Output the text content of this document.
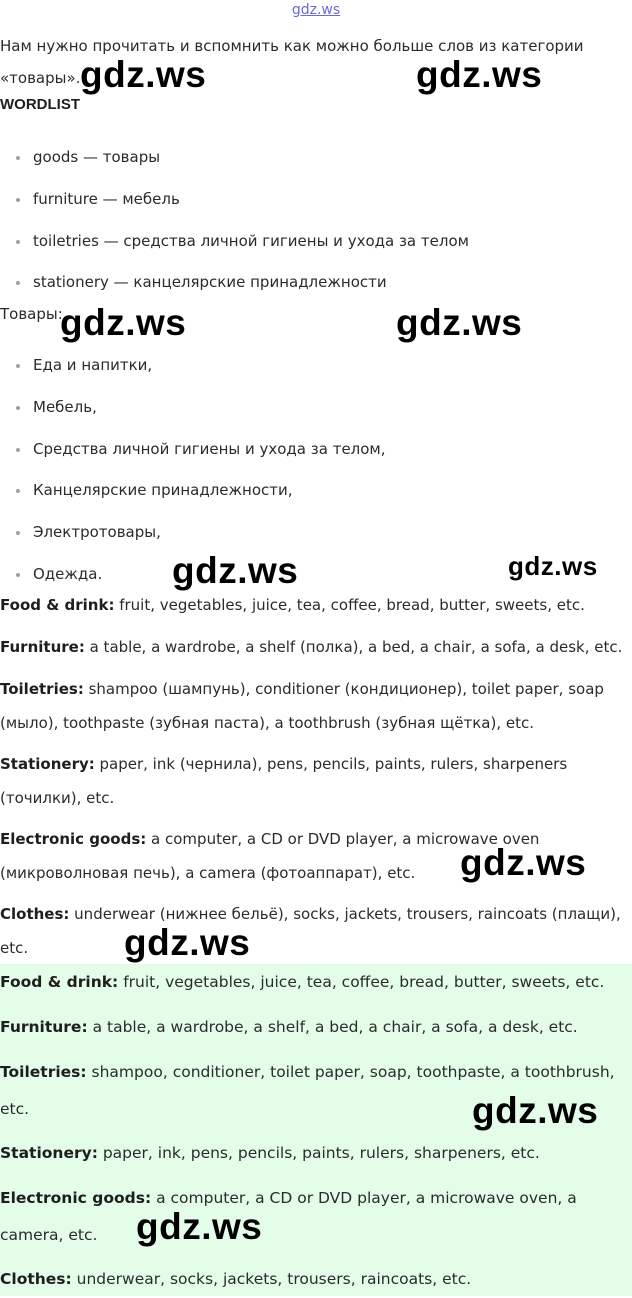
gdz.ws

Нам нужно прочитать и вспомнить как можно больше слов из категории «товары».

WORDLIST
goods — товары
furniture — мебель
toiletries — средства личной гигиены и ухода за телом
stationery — канцелярские принадлежности
Товары:
Еда и напитки,
Мебель,
Средства личной гигиены и ухода за телом,
Канцелярские принадлежности,
Электротовары,
Одежда.

Food & drink: fruit, vegetables, juice, tea, coffee, bread, butter, sweets, etc.

Furniture: a table, a wardrobe, a shelf (полка), a bed, a chair, a sofa, a desk, etc.

Toiletries: shampoo (шампунь), conditioner (кондиционер), toilet paper, soap (мыло), toothpaste (зубная паста), a toothbrush (зубная щётка), etc.

Stationery: paper, ink (чернила), pens, pencils, paints, rulers, sharpeners (точилки), etc.

Electronic goods: a computer, a CD or DVD player, a microwave oven (микроволновая печь), a camera (фотоаппарат), etc.

Clothes: underwear (нижнее бельё), socks, jackets, trousers, raincoats (плащи), etc.

Food & drink: fruit, vegetables, juice, tea, coffee, bread, butter, sweets, etc.

Furniture: a table, a wardrobe, a shelf, a bed, a chair, a sofa, a desk, etc.

Toiletries: shampoo, conditioner, toilet paper, soap, toothpaste, a toothbrush, etc.

Stationery: paper, ink, pens, pencils, paints, rulers, sharpeners, etc.

Electronic goods: a computer, a CD or DVD player, a microwave oven, a camera, etc.

Clothes: underwear, socks, jackets, trousers, raincoats, etc.

gdz.ws	gdz.ws
gdz.ws	gdz.ws
gdz.ws	gdz.ws
gdz.ws
gdz.ws
gdz.ws
gdz.ws
